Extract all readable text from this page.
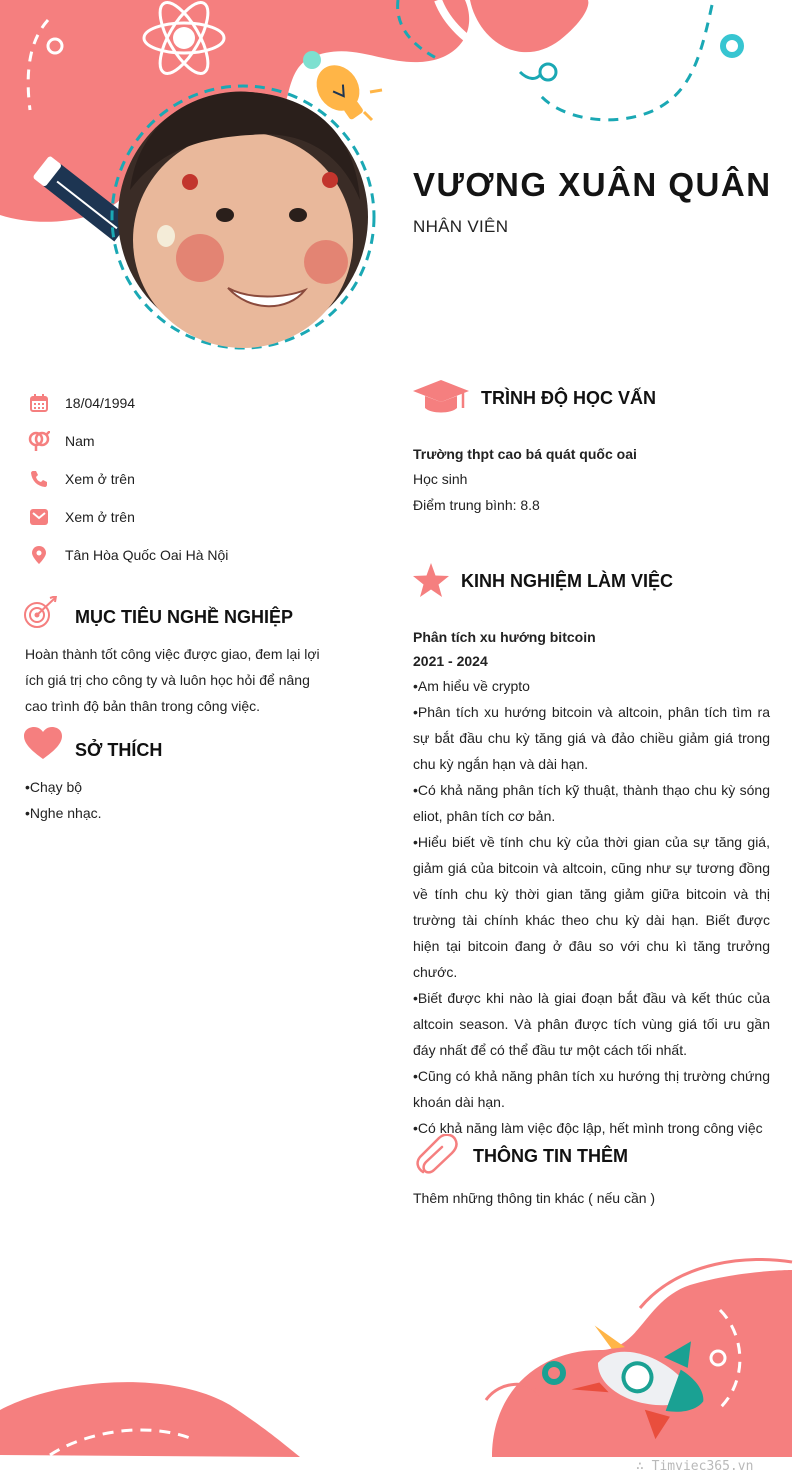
VƯƠNG XUÂN QUÂN
NHÂN VIÊN
18/04/1994
Nam
Xem ở trên
Xem ở trên
Tân Hòa Quốc Oai Hà Nội
MỤC TIÊU NGHỀ NGHIỆP
Hoàn thành tốt công việc được giao, đem lại lợi
ích giá trị cho công ty và luôn học hỏi để nâng
cao trình độ bản thân trong công việc.
SỞ THÍCH
•Chạy bộ
•Nghe nhạc.
TRÌNH ĐỘ HỌC VẤN
Trường thpt cao bá quát quốc oai
Học sinh
Điểm trung bình: 8.8
KINH NGHIỆM LÀM VIỆC
Phân tích xu hướng bitcoin
2021 - 2024
•Am hiểu về crypto
•Phân tích xu hướng bitcoin và altcoin, phân tích tìm ra sự bắt đầu chu kỳ tăng giá và đảo chiều giảm giá trong chu kỳ ngắn hạn và dài hạn.
•Có khả năng phân tích kỹ thuật, thành thạo chu kỳ sóng eliot, phân tích cơ bản.
•Hiểu biết về tính chu kỳ của thời gian của sự tăng giá, giảm giá của bitcoin và altcoin, cũng như sự tương đồng về tính chu kỳ thời gian tăng giảm giữa bitcoin và thị trường tài chính khác theo chu kỳ dài hạn. Biết được hiện tại bitcoin đang ở đâu so với chu kì tăng trưởng chước.
•Biết được khi nào là giai đoạn bắt đầu và kết thúc của altcoin season. Và phân được tích vùng giá tối ưu gần đáy nhất để có thể đầu tư một cách tối nhất.
•Cũng có khả năng phân tích xu hướng thị trường chứng khoán dài hạn.
•Có khả năng làm việc độc lập, hết mình trong công việc
THÔNG TIN THÊM
Thêm những thông tin khác ( nếu cần )
∴ Timviec365.vn
